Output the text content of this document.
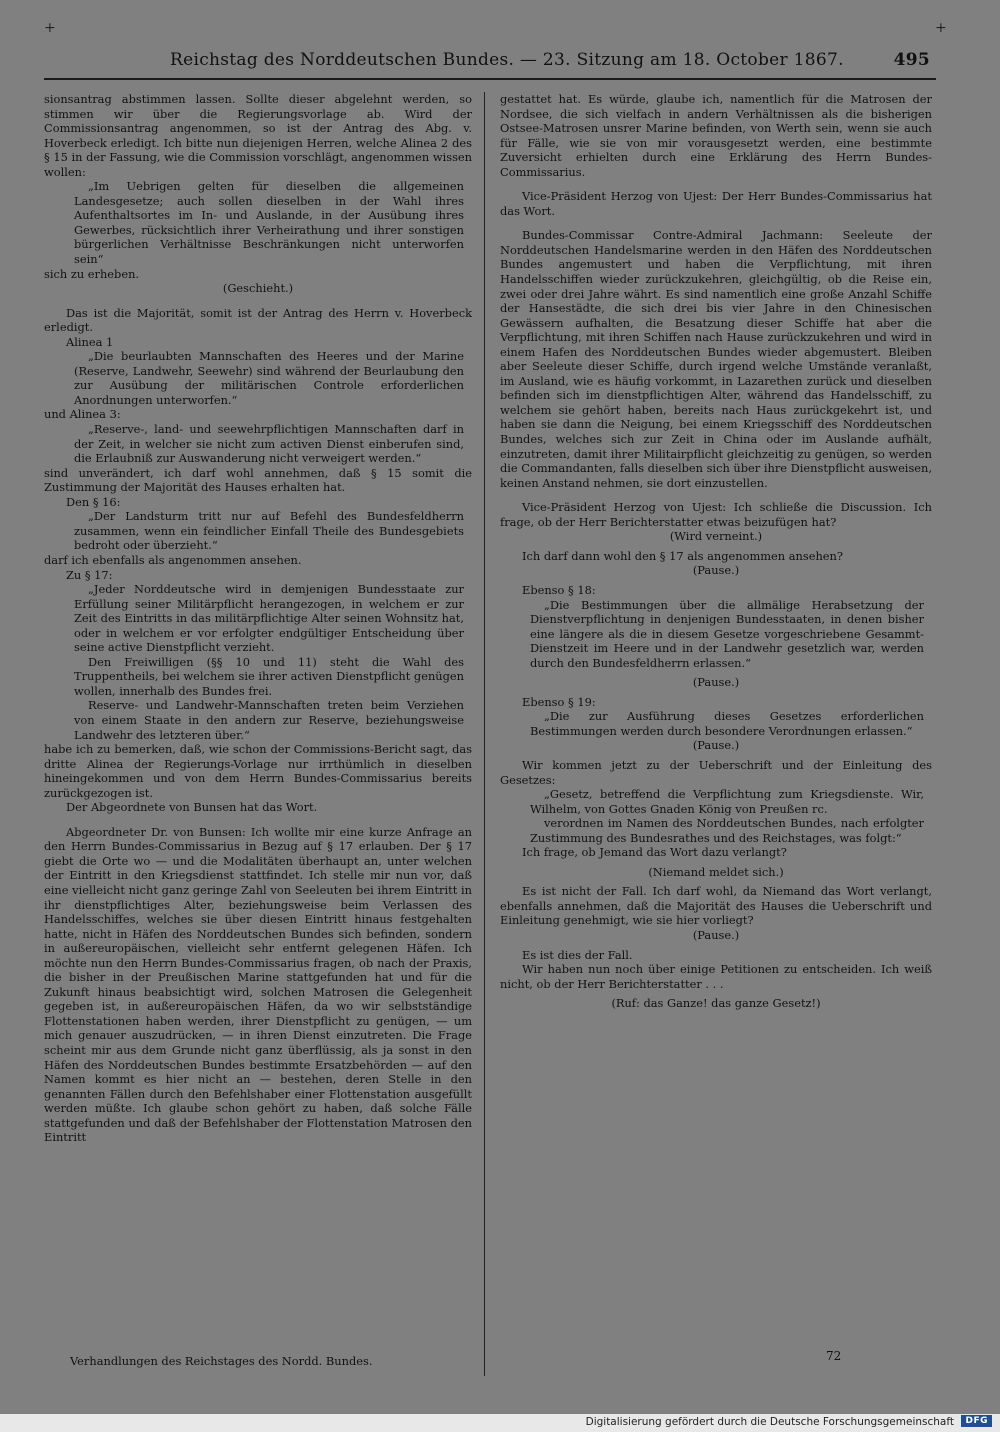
+	+
Reichstag des Norddeutschen Bundes. — 23. Sitzung am 18. October 1867.	495

sionsantrag abstimmen lassen. Sollte dieser abgelehnt werden, so stimmen wir über die Regierungsvorlage ab. Wird der Commissionsantrag angenommen, so ist der Antrag des Abg. v. Hoverbeck erledigt. Ich bitte nun diejenigen Herren, welche Alinea 2 des § 15 in der Fassung, wie die Commission vorschlägt, angenommen wissen wollen:

„Im Uebrigen gelten für dieselben die allgemeinen Landesgesetze; auch sollen dieselben in der Wahl ihres Aufenthaltsortes im In- und Auslande, in der Ausübung ihres Gewerbes, rücksichtlich ihrer Verheirathung und ihrer sonstigen bürgerlichen Verhältnisse Beschränkungen nicht unterworfen sein“

sich zu erheben.

(Geschieht.)

Das ist die Majorität, somit ist der Antrag des Herrn v. Hoverbeck erledigt.

Alinea 1

„Die beurlaubten Mannschaften des Heeres und der Marine (Reserve, Landwehr, Seewehr) sind während der Beurlaubung den zur Ausübung der militärischen Controle erforderlichen Anordnungen unterworfen.“

und Alinea 3:

„Reserve-, land- und seewehrpflichtigen Mannschaften darf in der Zeit, in welcher sie nicht zum activen Dienst einberufen sind, die Erlaubniß zur Auswanderung nicht verweigert werden.“

sind unverändert, ich darf wohl annehmen, daß § 15 somit die Zustimmung der Majorität des Hauses erhalten hat.

Den § 16:

„Der Landsturm tritt nur auf Befehl des Bundesfeldherrn zusammen, wenn ein feindlicher Einfall Theile des Bundesgebiets bedroht oder überzieht.“

darf ich ebenfalls als angenommen ansehen.

Zu § 17:

„Jeder Norddeutsche wird in demjenigen Bundesstaate zur Erfüllung seiner Militärpflicht herangezogen, in welchem er zur Zeit des Eintritts in das militärpflichtige Alter seinen Wohnsitz hat, oder in welchem er vor erfolgter endgültiger Entscheidung über seine active Dienstpflicht verzieht.

Den Freiwilligen (§§ 10 und 11) steht die Wahl des Truppentheils, bei welchem sie ihrer activen Dienstpflicht genügen wollen, innerhalb des Bundes frei.

Reserve- und Landwehr-Mannschaften treten beim Verziehen von einem Staate in den andern zur Reserve, beziehungsweise Landwehr des letzteren über.“

habe ich zu bemerken, daß, wie schon der Commissions-Bericht sagt, das dritte Alinea der Regierungs-Vorlage nur irrthümlich in dieselben hineingekommen und von dem Herrn Bundes-Commissarius bereits zurückgezogen ist.

Der Abgeordnete von Bunsen hat das Wort.

Abgeordneter Dr. von Bunsen: Ich wollte mir eine kurze Anfrage an den Herrn Bundes-Commissarius in Bezug auf § 17 erlauben. Der § 17 giebt die Orte wo — und die Modalitäten überhaupt an, unter welchen der Eintritt in den Kriegsdienst stattfindet. Ich stelle mir nun vor, daß eine vielleicht nicht ganz geringe Zahl von Seeleuten bei ihrem Eintritt in ihr dienstpflichtiges Alter, beziehungsweise beim Verlassen des Handelsschiffes, welches sie über diesen Eintritt hinaus festgehalten hatte, nicht in Häfen des Norddeutschen Bundes sich befinden, sondern in außereuropäischen, vielleicht sehr entfernt gelegenen Häfen. Ich möchte nun den Herrn Bundes-Commissarius fragen, ob nach der Praxis, die bisher in der Preußischen Marine stattgefunden hat und für die Zukunft hinaus beabsichtigt wird, solchen Matrosen die Gelegenheit gegeben ist, in außereuropäischen Häfen, da wo wir selbstständige Flottenstationen haben werden, ihrer Dienstpflicht zu genügen, — um mich genauer auszudrücken, — in ihren Dienst einzutreten. Die Frage scheint mir aus dem Grunde nicht ganz überflüssig, als ja sonst in den Häfen des Norddeutschen Bundes bestimmte Ersatzbehörden — auf den Namen kommt es hier nicht an — bestehen, deren Stelle in den genannten Fällen durch den Befehlshaber einer Flottenstation ausgefüllt werden müßte. Ich glaube schon gehört zu haben, daß solche Fälle stattgefunden und daß der Befehlshaber der Flottenstation Matrosen den Eintritt

gestattet hat. Es würde, glaube ich, namentlich für die Matrosen der Nordsee, die sich vielfach in andern Verhältnissen als die bisherigen Ostsee-Matrosen unsrer Marine befinden, von Werth sein, wenn sie auch für Fälle, wie sie von mir vorausgesetzt werden, eine bestimmte Zuversicht erhielten durch eine Erklärung des Herrn Bundes-Commissarius.

Vice-Präsident Herzog von Ujest: Der Herr Bundes-Commissarius hat das Wort.

Bundes-Commissar Contre-Admiral Jachmann: Seeleute der Norddeutschen Handelsmarine werden in den Häfen des Norddeutschen Bundes angemustert und haben die Verpflichtung, mit ihren Handelsschiffen wieder zurückzukehren, gleichgültig, ob die Reise ein, zwei oder drei Jahre währt. Es sind namentlich eine große Anzahl Schiffe der Hansestädte, die sich drei bis vier Jahre in den Chinesischen Gewässern aufhalten, die Besatzung dieser Schiffe hat aber die Verpflichtung, mit ihren Schiffen nach Hause zurückzukehren und wird in einem Hafen des Norddeutschen Bundes wieder abgemustert. Bleiben aber Seeleute dieser Schiffe, durch irgend welche Umstände veranlaßt, im Ausland, wie es häufig vorkommt, in Lazarethen zurück und dieselben befinden sich im dienstpflichtigen Alter, während das Handelsschiff, zu welchem sie gehört haben, bereits nach Haus zurückgekehrt ist, und haben sie dann die Neigung, bei einem Kriegsschiff des Norddeutschen Bundes, welches sich zur Zeit in China oder im Auslande aufhält, einzutreten, damit ihrer Militairpflicht gleichzeitig zu genügen, so werden die Commandanten, falls dieselben sich über ihre Dienstpflicht ausweisen, keinen Anstand nehmen, sie dort einzustellen.

Vice-Präsident Herzog von Ujest: Ich schließe die Discussion. Ich frage, ob der Herr Berichterstatter etwas beizufügen hat?

(Wird verneint.)

Ich darf dann wohl den § 17 als angenommen ansehen?

(Pause.)

Ebenso § 18:

„Die Bestimmungen über die allmälige Herabsetzung der Dienstverpflichtung in denjenigen Bundesstaaten, in denen bisher eine längere als die in diesem Gesetze vorgeschriebene Gesammt-Dienstzeit im Heere und in der Landwehr gesetzlich war, werden durch den Bundesfeldherrn erlassen.“

(Pause.)

Ebenso § 19:

„Die zur Ausführung dieses Gesetzes erforderlichen Bestimmungen werden durch besondere Verordnungen erlassen.“

(Pause.)

Wir kommen jetzt zu der Ueberschrift und der Einleitung des Gesetzes:

„Gesetz, betreffend die Verpflichtung zum Kriegsdienste. Wir, Wilhelm, von Gottes Gnaden König von Preußen rc.

verordnen im Namen des Norddeutschen Bundes, nach erfolgter Zustimmung des Bundesrathes und des Reichstages, was folgt:“

Ich frage, ob Jemand das Wort dazu verlangt?

(Niemand meldet sich.)

Es ist nicht der Fall. Ich darf wohl, da Niemand das Wort verlangt, ebenfalls annehmen, daß die Majorität des Hauses die Ueberschrift und Einleitung genehmigt, wie sie hier vorliegt?

(Pause.)

Es ist dies der Fall.

Wir haben nun noch über einige Petitionen zu entscheiden. Ich weiß nicht, ob der Herr Berichterstatter . . .

(Ruf: das Ganze! das ganze Gesetz!)

Verhandlungen des Reichstages des Nordd. Bundes.	72
Digitalisierung gefördert durch die Deutsche Forschungsgemeinschaft	DFG
